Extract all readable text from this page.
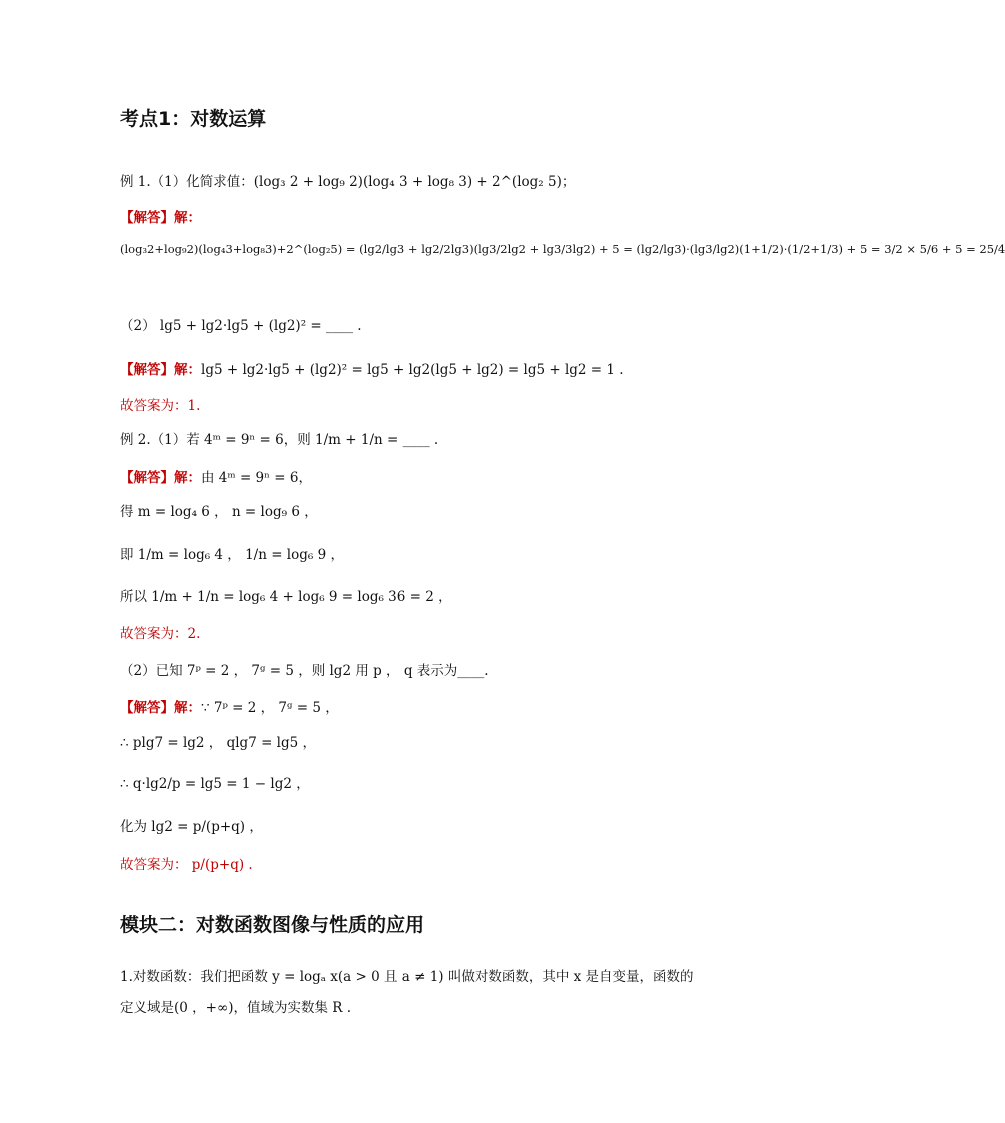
考点1：对数运算
例 1.（1）化简求值：(log₃ 2 + log₉ 2)(log₄ 3 + log₈ 3) + 2^(log₂ 5)；
【解答】解：
(log₃2+log₉2)(log₄3+log₈3)+2^(log₂5) = (lg2/lg3 + lg2/2lg3)(lg3/2lg2 + lg3/3lg2) + 5 = (lg2/lg3)·(lg3/lg2)(1+1/2)·(1/2+1/3) + 5 = 3/2 × 5/6 + 5 = 25/4
（2） lg5 + lg2·lg5 + (lg2)² = ____ .
【解答】解：lg5 + lg2·lg5 + (lg2)² = lg5 + lg2(lg5 + lg2) = lg5 + lg2 = 1 .
故答案为：1.
例 2.（1）若 4ᵐ = 9ⁿ = 6，则 1/m + 1/n = ____ .
【解答】解：由 4ᵐ = 9ⁿ = 6，
得 m = log₄ 6 ， n = log₉ 6 ，
即 1/m = log₆ 4 ， 1/n = log₆ 9 ，
所以 1/m + 1/n = log₆ 4 + log₆ 9 = log₆ 36 = 2 ，
故答案为：2.
（2）已知 7ᵖ = 2 ， 7ᵍ = 5 ，则 lg2 用 p ， q 表示为____.
【解答】解：∵ 7ᵖ = 2 ， 7ᵍ = 5 ，
∴ plg7 = lg2 ， qlg7 = lg5 ，
∴ q·lg2/p = lg5 = 1 − lg2 ，
化为 lg2 = p/(p+q) ，
故答案为： p/(p+q) .
模块二：对数函数图像与性质的应用
1.对数函数：我们把函数 y = logₐ x(a > 0 且 a ≠ 1) 叫做对数函数，其中 x 是自变量，函数的
定义域是(0 ，+∞)，值域为实数集 R .
